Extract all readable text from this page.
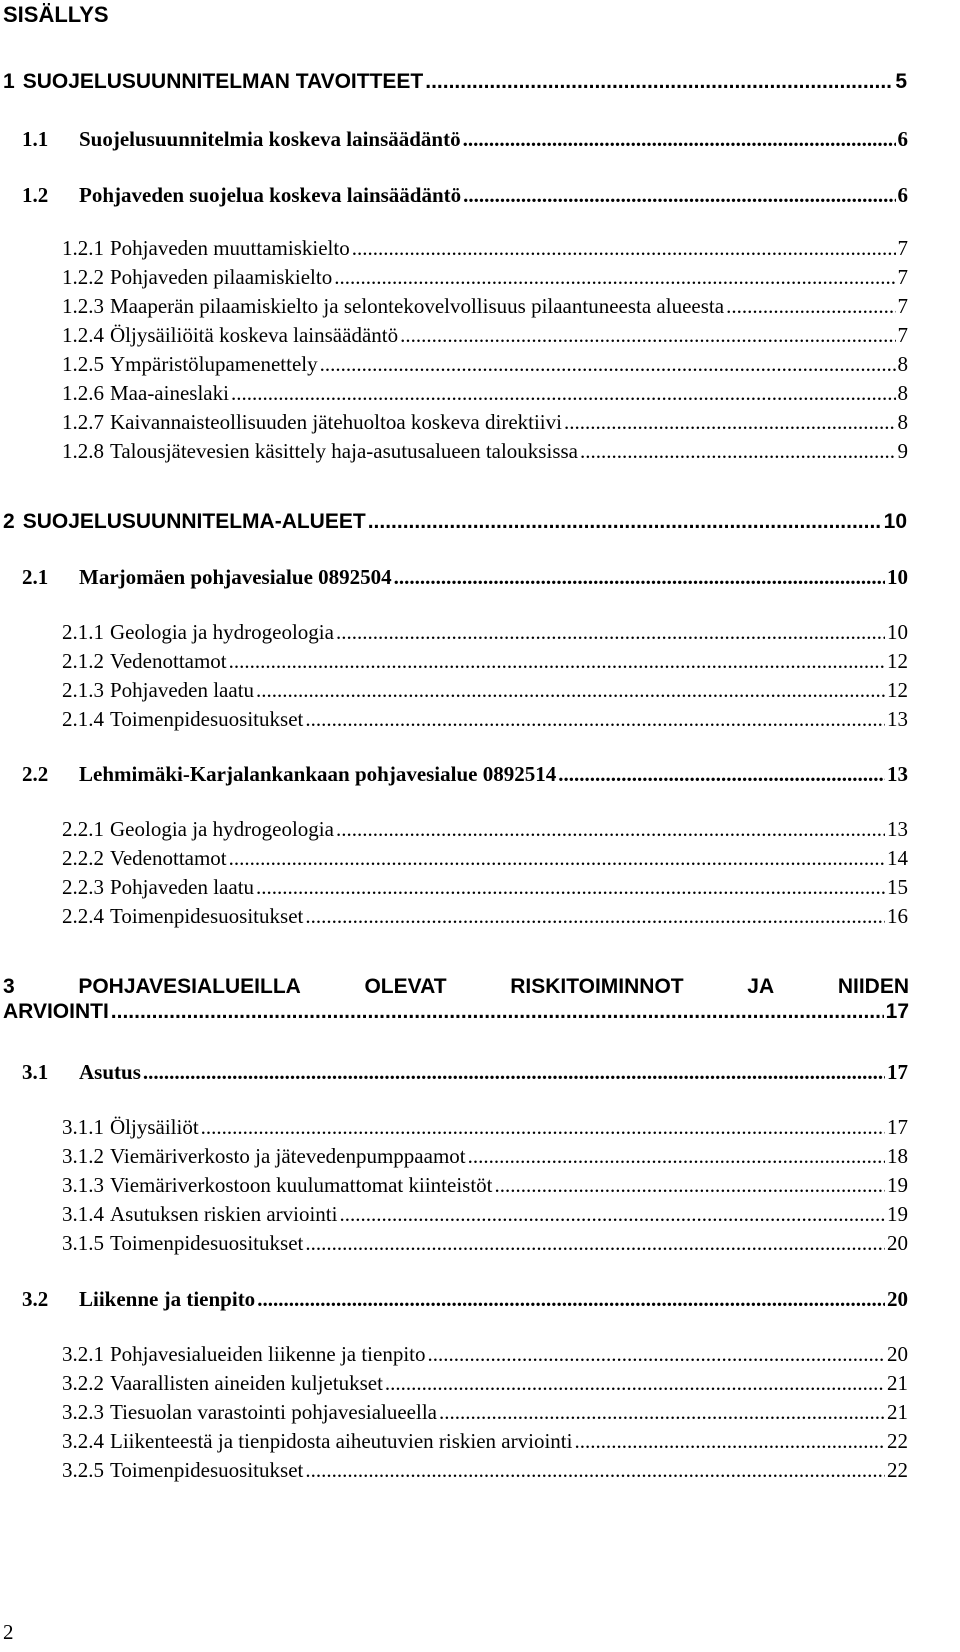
SISÄLLYS
1 SUOJELUSUUNNITELMAN TAVOITTEET .....	5
1.1	Suojelusuunnitelmia koskeva lainsäädäntö .....	6
1.2	Pohjaveden suojelua koskeva lainsäädäntö .....	6
1.2.1 Pohjaveden muuttamiskielto .....	7
1.2.2 Pohjaveden pilaamiskielto .....	7
1.2.3 Maaperän pilaamiskielto ja selontekovelvollisuus pilaantuneesta alueesta .....	7
1.2.4 Öljysäiliöitä koskeva lainsäädäntö .....	7
1.2.5 Ympäristölupamenettely .....	8
1.2.6 Maa-aineslaki .....	8
1.2.7 Kaivannaisteollisuuden jätehuoltoa koskeva direktiivi .....	8
1.2.8 Talousjätevesien käsittely haja-asutusalueen talouksissa .....	9
2 SUOJELUSUUNNITELMA-ALUEET .....	10
2.1	Marjomäen pohjavesialue 0892504 .....	10
2.1.1 Geologia ja hydrogeologia .....	10
2.1.2 Vedenottamot .....	12
2.1.3 Pohjaveden laatu .....	12
2.1.4 Toimenpidesuositukset .....	13
2.2	Lehmimäki-Karjalankankaan pohjavesialue 0892514 .....	13
2.2.1 Geologia ja hydrogeologia .....	13
2.2.2 Vedenottamot .....	14
2.2.3 Pohjaveden laatu .....	15
2.2.4 Toimenpidesuositukset .....	16
3	POHJAVESIALUEILLA	OLEVAT	RISKITOIMINNOT	JA	NIIDEN
ARVIOINTI .....	17
3.1	Asutus .....	17
3.1.1 Öljysäiliöt .....	17
3.1.2 Viemäriverkosto ja jätevedenpumppaamot .....	18
3.1.3 Viemäriverkostoon kuulumattomat kiinteistöt .....	19
3.1.4 Asutuksen riskien arviointi .....	19
3.1.5 Toimenpidesuositukset .....	20
3.2	Liikenne ja tienpito .....	20
3.2.1 Pohjavesialueiden liikenne ja tienpito .....	20
3.2.2 Vaarallisten aineiden kuljetukset .....	21
3.2.3 Tiesuolan varastointi pohjavesialueella .....	21
3.2.4 Liikenteestä ja tienpidosta aiheutuvien riskien arviointi .....	22
3.2.5 Toimenpidesuositukset .....	22
2
